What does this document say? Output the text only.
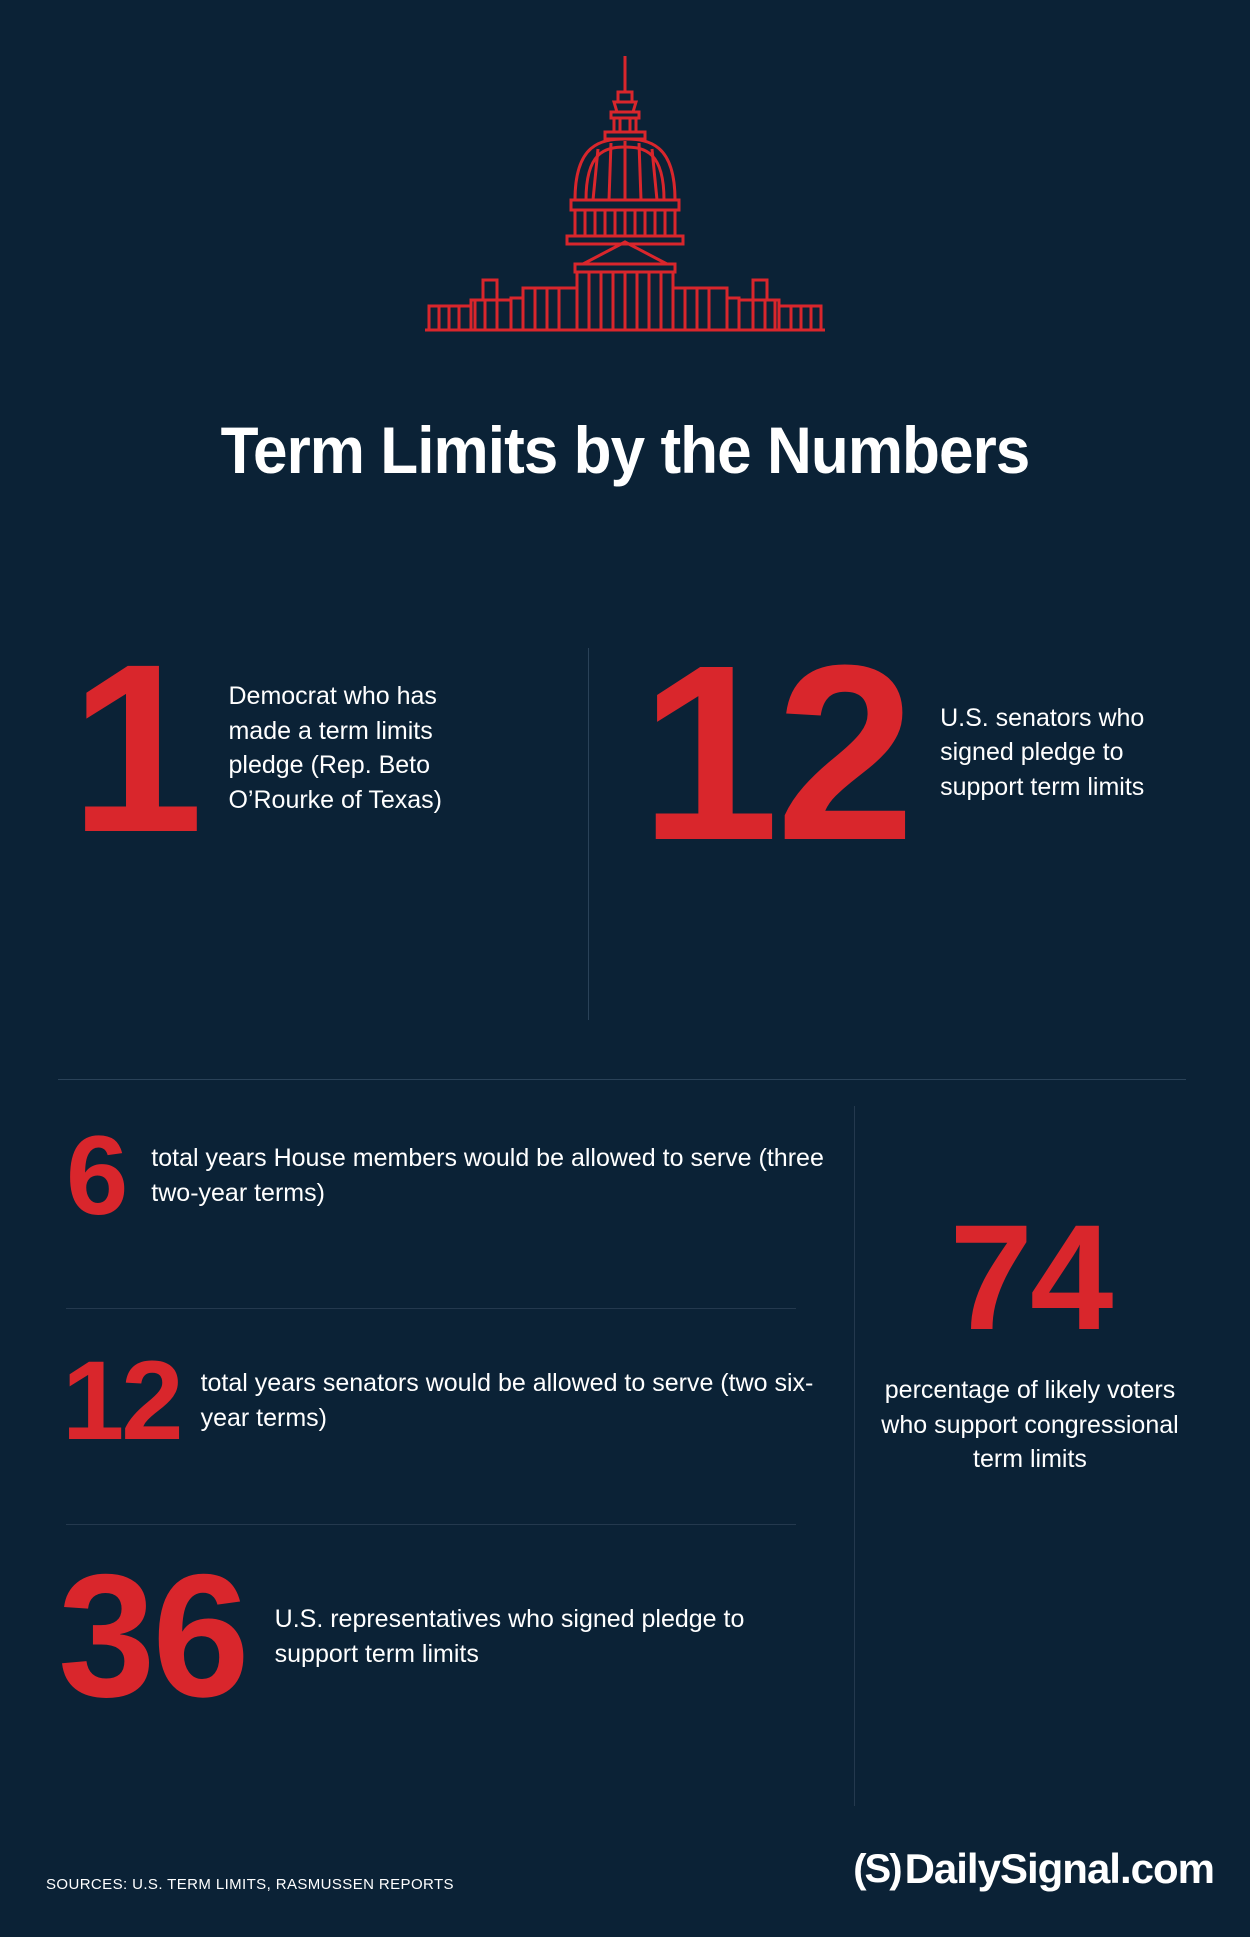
Term Limits by the Numbers
1 Democrat who has made a term limits pledge (Rep. Beto O’Rourke of Texas) 12 U.S. senators who signed pledge to support term limits
6 total years House members would be allowed to serve (three two-year terms)
12 total years senators would be allowed to serve (two six-year terms)
36 U.S. representatives who signed pledge to support term limits
74
percentage of likely voters who support congressional term limits
SOURCES: U.S. TERM LIMITS, RASMUSSEN REPORTS	(S) DailySignal.com
